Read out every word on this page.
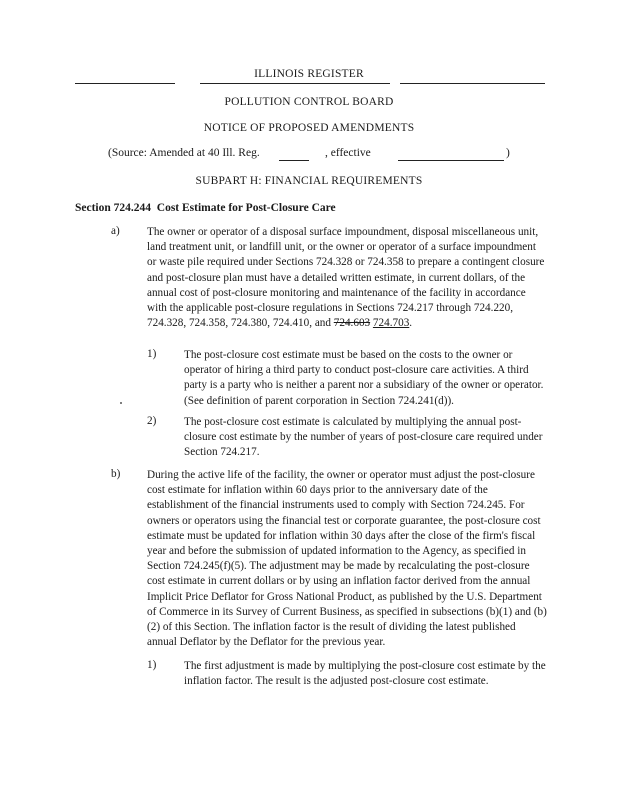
ILLINOIS REGISTER
POLLUTION CONTROL BOARD
NOTICE OF PROPOSED AMENDMENTS
(Source: Amended at 40 Ill. Reg.	, effective	)
SUBPART H: FINANCIAL REQUIREMENTS
Section 724.244 Cost Estimate for Post-Closure Care
a) The owner or operator of a disposal surface impoundment, disposal miscellaneous unit, land treatment unit, or landfill unit, or the owner or operator of a surface impoundment or waste pile required under Sections 724.328 or 724.358 to prepare a contingent closure and post-closure plan must have a detailed written estimate, in current dollars, of the annual cost of post-closure monitoring and maintenance of the facility in accordance with the applicable post-closure regulations in Sections 724.217 through 724.220, 724.328, 724.358, 724.380, 724.410, and 724.603 724.703.
1) The post-closure cost estimate must be based on the costs to the owner or operator of hiring a third party to conduct post-closure care activities. A third party is a party who is neither a parent nor a subsidiary of the owner or operator. (See definition of parent corporation in Section 724.241(d)).
2) The post-closure cost estimate is calculated by multiplying the annual post-closure cost estimate by the number of years of post-closure care required under Section 724.217.
b) During the active life of the facility, the owner or operator must adjust the post-closure cost estimate for inflation within 60 days prior to the anniversary date of the establishment of the financial instruments used to comply with Section 724.245. For owners or operators using the financial test or corporate guarantee, the post-closure cost estimate must be updated for inflation within 30 days after the close of the firm's fiscal year and before the submission of updated information to the Agency, as specified in Section 724.245(f)(5). The adjustment may be made by recalculating the post-closure cost estimate in current dollars or by using an inflation factor derived from the annual Implicit Price Deflator for Gross National Product, as published by the U.S. Department of Commerce in its Survey of Current Business, as specified in subsections (b)(1) and (b)(2) of this Section. The inflation factor is the result of dividing the latest published annual Deflator by the Deflator for the previous year.
1) The first adjustment is made by multiplying the post-closure cost estimate by the inflation factor. The result is the adjusted post-closure cost estimate.
